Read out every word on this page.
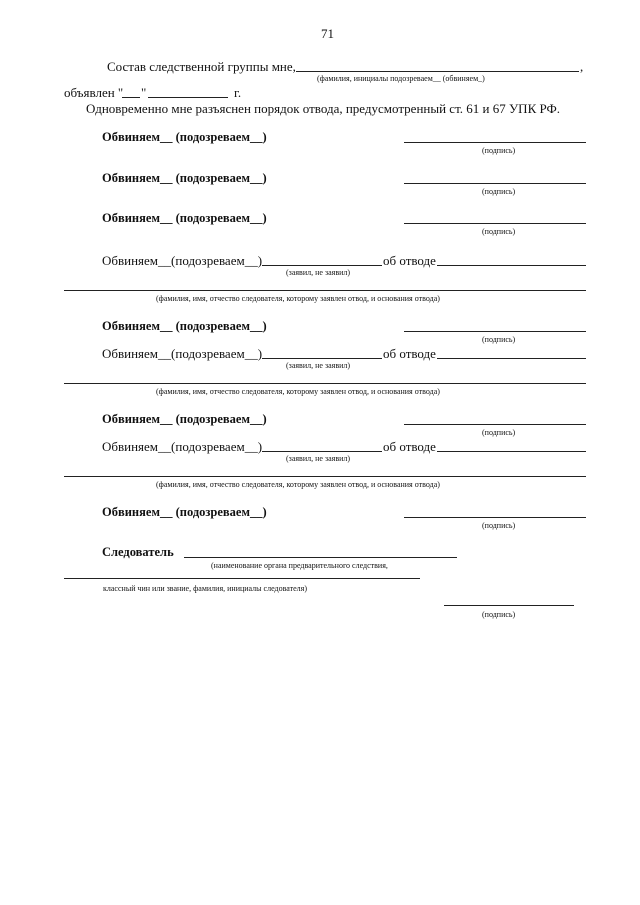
71
Состав следственной группы мне,	,
(фамилия, инициалы подозреваем__ (обвиняем_)
объявлен " "	г.
Одновременно мне разъяснен порядок отвода, предусмотренный ст. 61 и 67 УПК РФ.
Обвиняем__ (подозреваем__)
(подпись)
Обвиняем__ (подозреваем__)
(подпись)
Обвиняем__ (подозреваем__)
(подпись)
Обвиняем__(подозреваем__)	об отводе
(заявил, не заявил)
(фамилия, имя, отчество следователя, которому заявлен отвод, и основания отвода)
Обвиняем__ (подозреваем__)
(подпись)
Обвиняем__(подозреваем__)	об отводе
(заявил, не заявил)
(фамилия, имя, отчество следователя, которому заявлен отвод, и основания отвода)
Обвиняем__ (подозреваем__)
(подпись)
Обвиняем__(подозреваем__)	об отводе
(заявил, не заявил)
(фамилия, имя, отчество следователя, которому заявлен отвод, и основания отвода)
Обвиняем__ (подозреваем__)
(подпись)
Следователь
(наименование органа предварительного следствия,
классный чин или звание, фамилия, инициалы следователя)
(подпись)
